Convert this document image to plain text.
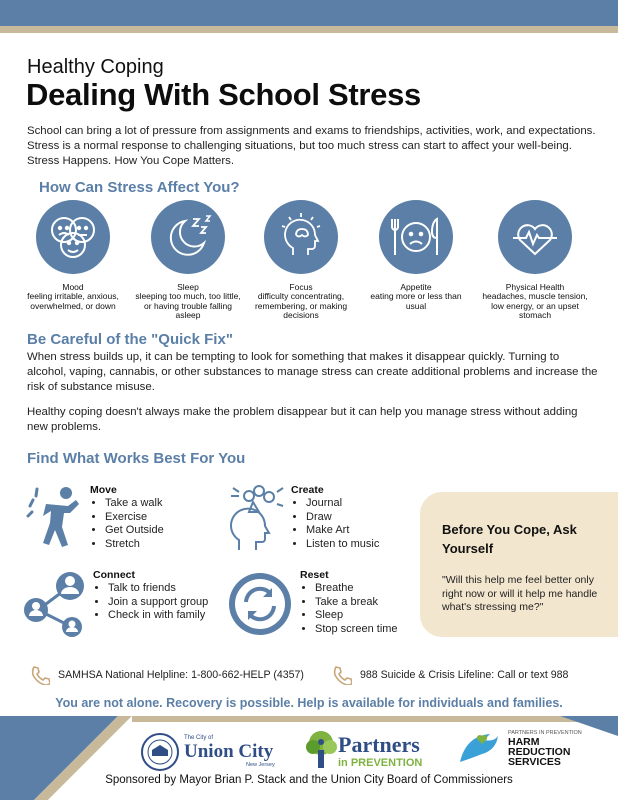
Healthy Coping
Dealing With School Stress

School can bring a lot of pressure from assignments and exams to friendships, activities, work, and expectations. Stress is a normal response to challenging situations, but too much stress can start to affect your well-being. Stress Happens. How You Cope Matters.

How Can Stress Affect You?
Mood
feeling irritable, anxious, overwhelmed, or down
Sleep
sleeping too much, too little, or having trouble falling asleep
Focus
difficulty concentrating, remembering, or making decisions
Appetite
eating more or less than usual
Physical Health
headaches, muscle tension, low energy, or an upset stomach
Be Careful of the "Quick Fix"

When stress builds up, it can be tempting to look for something that makes it disappear quickly. Turning to alcohol, vaping, cannabis, or other substances to manage stress can create additional problems and increase the risk of substance misuse.

Healthy coping doesn't always make the problem disappear but it can help you manage stress without adding new problems.

Find What Works Best For You
Move
• Take a walk
• Exercise
• Get Outside
• Stretch
Create
• Journal
• Draw
• Make Art
• Listen to music
Connect
• Talk to friends
• Join a support group
• Check in with family
Reset
• Breathe
• Take a break
• Sleep
• Stop screen time
Before You Cope, Ask Yourself
"Will this help me feel better only right now or will it help me handle what's stressing me?"
SAMHSA National Helpline: 1-800-662-HELP (4357)	988 Suicide & Crisis Lifeline: Call or text 988
You are not alone. Recovery is possible. Help is available for individuals and families.
The City of
Union City
New Jersey
Partners
in PREVENTION
PARTNERS IN PREVENTION
HARM
REDUCTION
SERVICES
Sponsored by Mayor Brian P. Stack and the Union City Board of Commissioners
